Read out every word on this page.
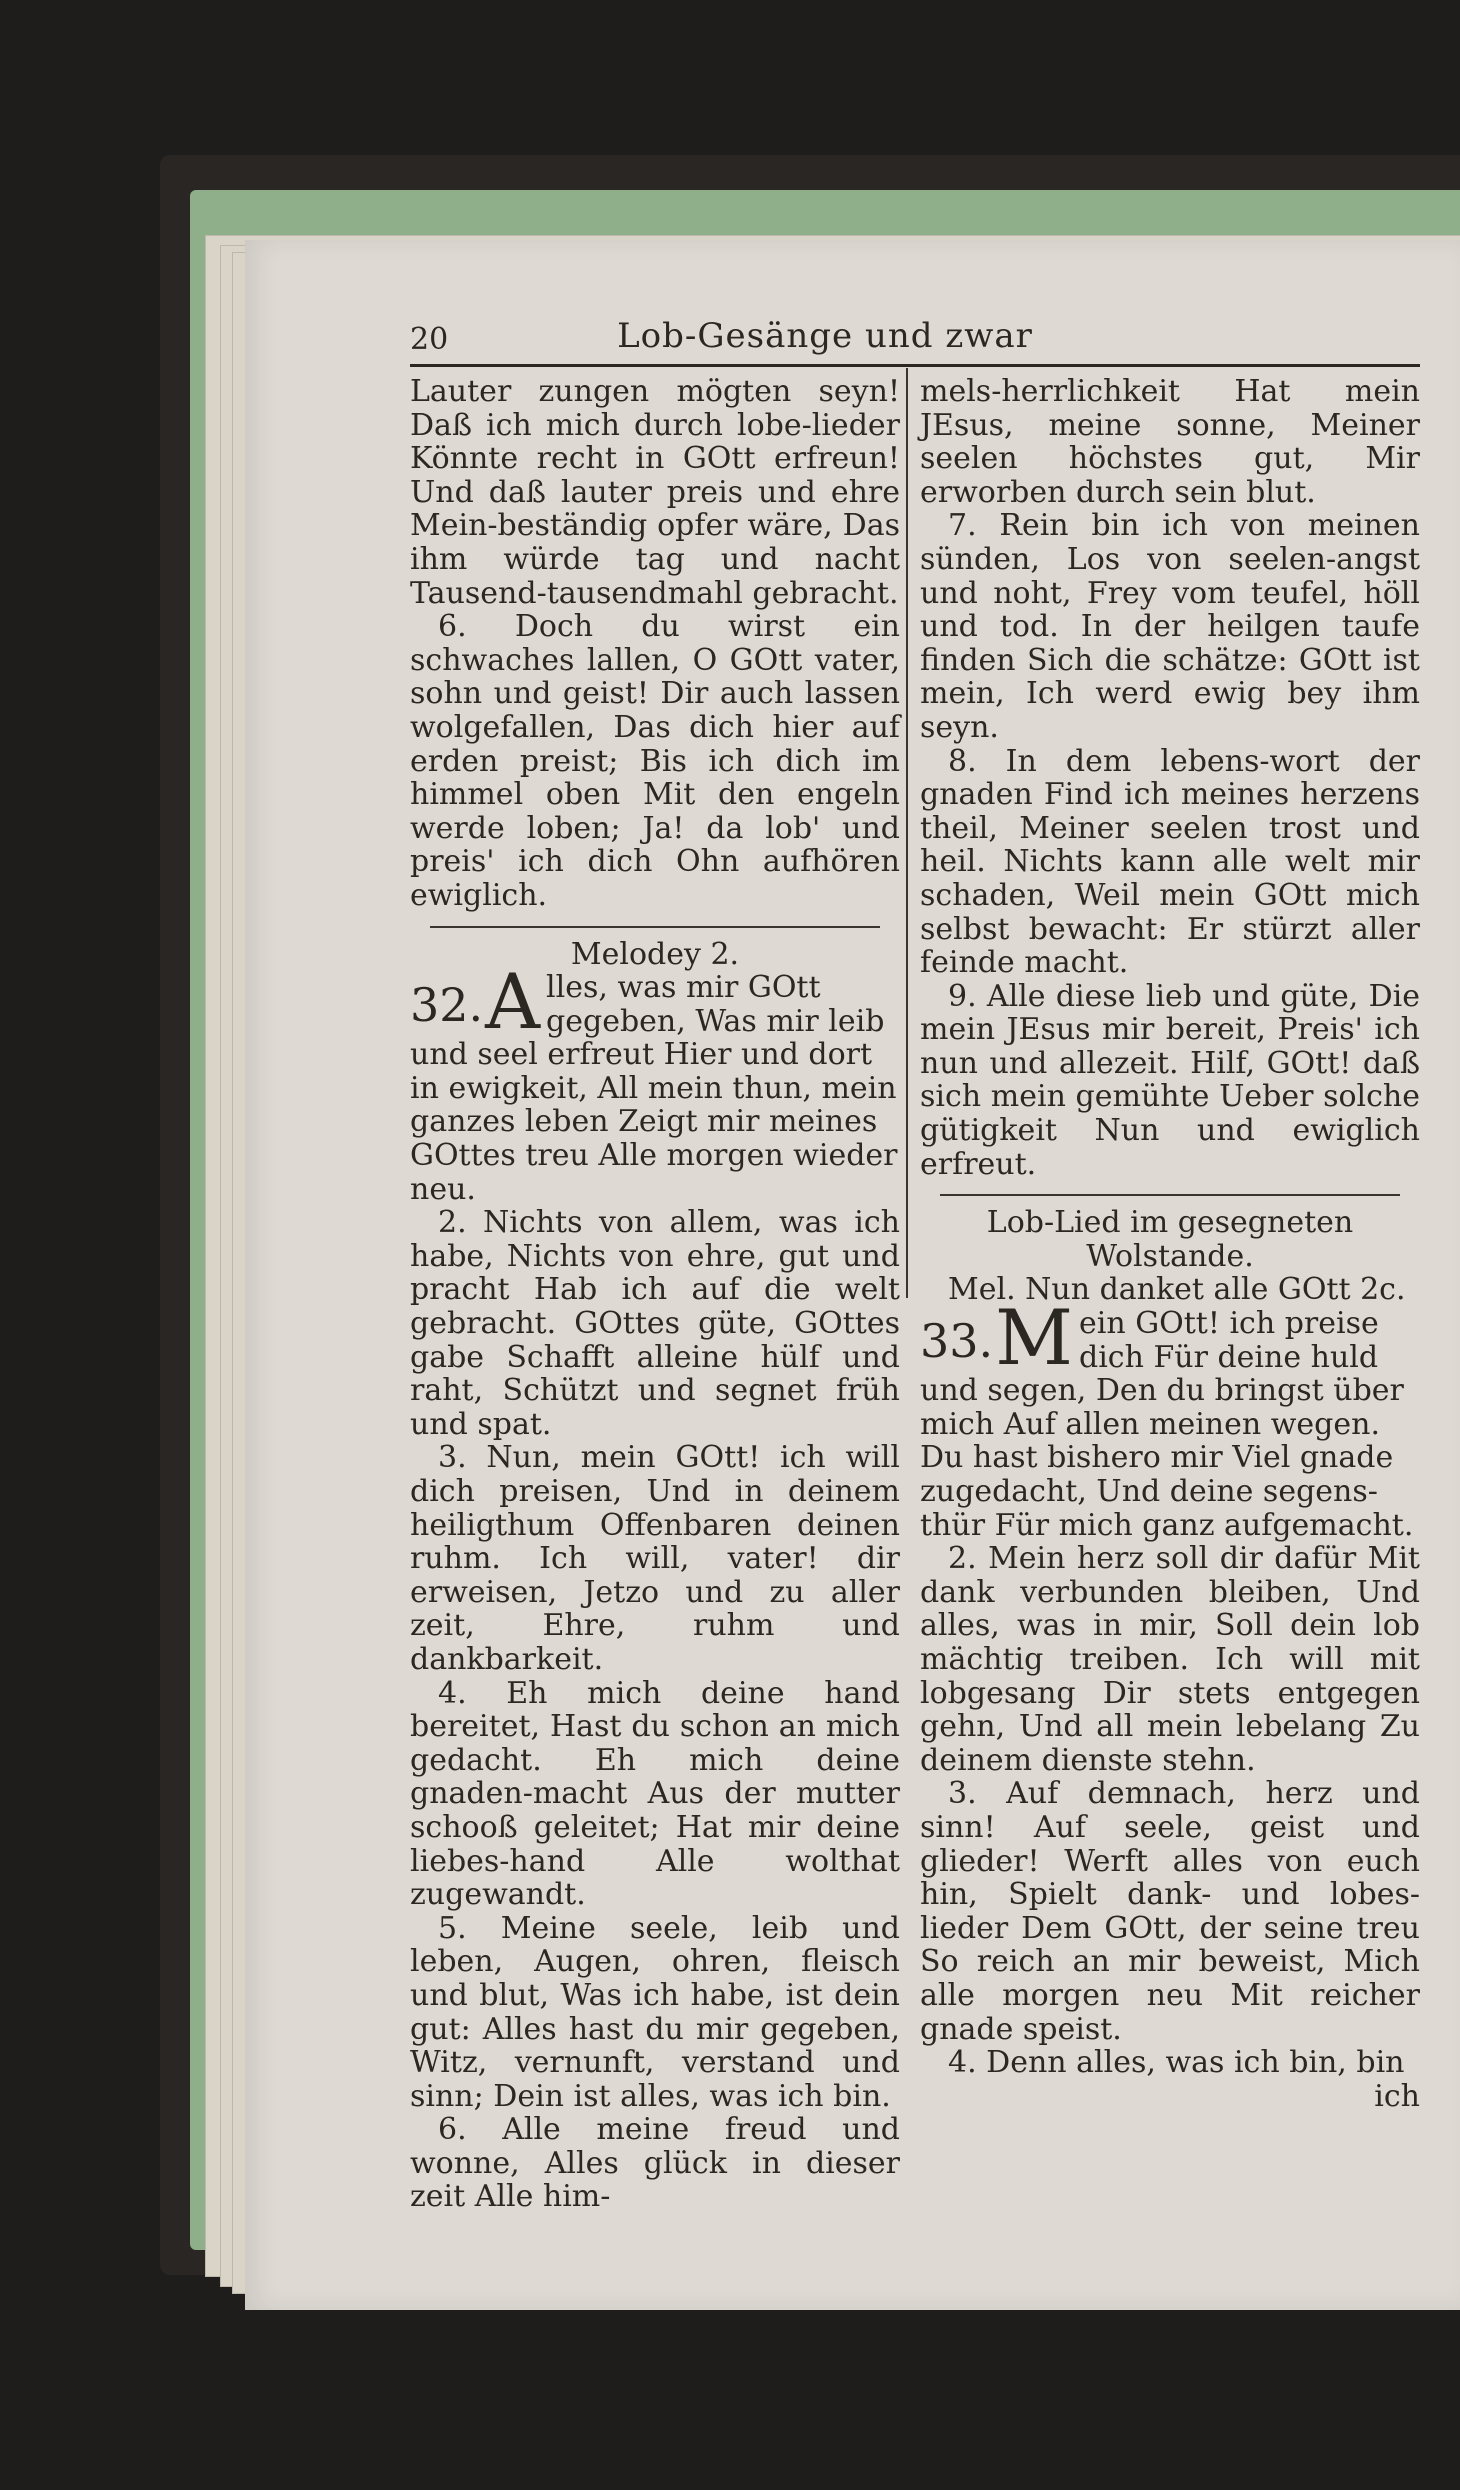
20	Lob-Gesänge und zwar

Lauter zungen mögten seyn! Daß ich mich durch lobe-lieder Könnte recht in GOtt erfreun! Und daß lauter preis und ehre Mein-beständig opfer wäre, Das ihm würde tag und nacht Tausend-tausendmahl gebracht.

6. Doch du wirst ein schwaches lallen, O GOtt vater, sohn und geist! Dir auch lassen wolgefallen, Das dich hier auf erden preist; Bis ich dich im himmel oben Mit den engeln werde loben; Ja! da lob' und preis' ich dich Ohn aufhören ewiglich.

Melodey 2.

32. A lles, was mir GOtt gegeben, Was mir leib und seel erfreut Hier und dort in ewigkeit, All mein thun, mein ganzes leben Zeigt mir meines GOttes treu Alle morgen wieder neu.

2. Nichts von allem, was ich habe, Nichts von ehre, gut und pracht Hab ich auf die welt gebracht. GOttes güte, GOttes gabe Schafft alleine hülf und raht, Schützt und segnet früh und spat.

3. Nun, mein GOtt! ich will dich preisen, Und in deinem heiligthum Offenbaren deinen ruhm. Ich will, vater! dir erweisen, Jetzo und zu aller zeit, Ehre, ruhm und dankbarkeit.

4. Eh mich deine hand bereitet, Hast du schon an mich gedacht. Eh mich deine gnaden-macht Aus der mutter schooß geleitet; Hat mir deine liebes-hand Alle wolthat zugewandt.

5. Meine seele, leib und leben, Augen, ohren, fleisch und blut, Was ich habe, ist dein gut: Alles hast du mir gegeben, Witz, vernunft, verstand und sinn; Dein ist alles, was ich bin.

6. Alle meine freud und wonne, Alles glück in dieser zeit Alle him-

mels-herrlichkeit Hat mein JEsus, meine sonne, Meiner seelen höchstes gut, Mir erworben durch sein blut.

7. Rein bin ich von meinen sünden, Los von seelen-angst und noht, Frey vom teufel, höll und tod. In der heilgen taufe finden Sich die schätze: GOtt ist mein, Ich werd ewig bey ihm seyn.

8. In dem lebens-wort der gnaden Find ich meines herzens theil, Meiner seelen trost und heil. Nichts kann alle welt mir schaden, Weil mein GOtt mich selbst bewacht: Er stürzt aller feinde macht.

9. Alle diese lieb und güte, Die mein JEsus mir bereit, Preis' ich nun und allezeit. Hilf, GOtt! daß sich mein gemühte Ueber solche gütigkeit Nun und ewiglich erfreut.

Lob-Lied im gesegneten

Wolstande.

Mel. Nun danket alle GOtt 2c.

33. M ein GOtt! ich preise dich Für deine huld und segen, Den du bringst über mich Auf allen meinen wegen. Du hast bishero mir Viel gnade zugedacht, Und deine segens-thür Für mich ganz aufgemacht.

2. Mein herz soll dir dafür Mit dank verbunden bleiben, Und alles, was in mir, Soll dein lob mächtig treiben. Ich will mit lobgesang Dir stets entgegen gehn, Und all mein lebelang Zu deinem dienste stehn.

3. Auf demnach, herz und sinn! Auf seele, geist und glieder! Werft alles von euch hin, Spielt dank- und lobes-lieder Dem GOtt, der seine treu So reich an mir beweist, Mich alle morgen neu Mit reicher gnade speist.

4. Denn alles, was ich bin, bin

ich
